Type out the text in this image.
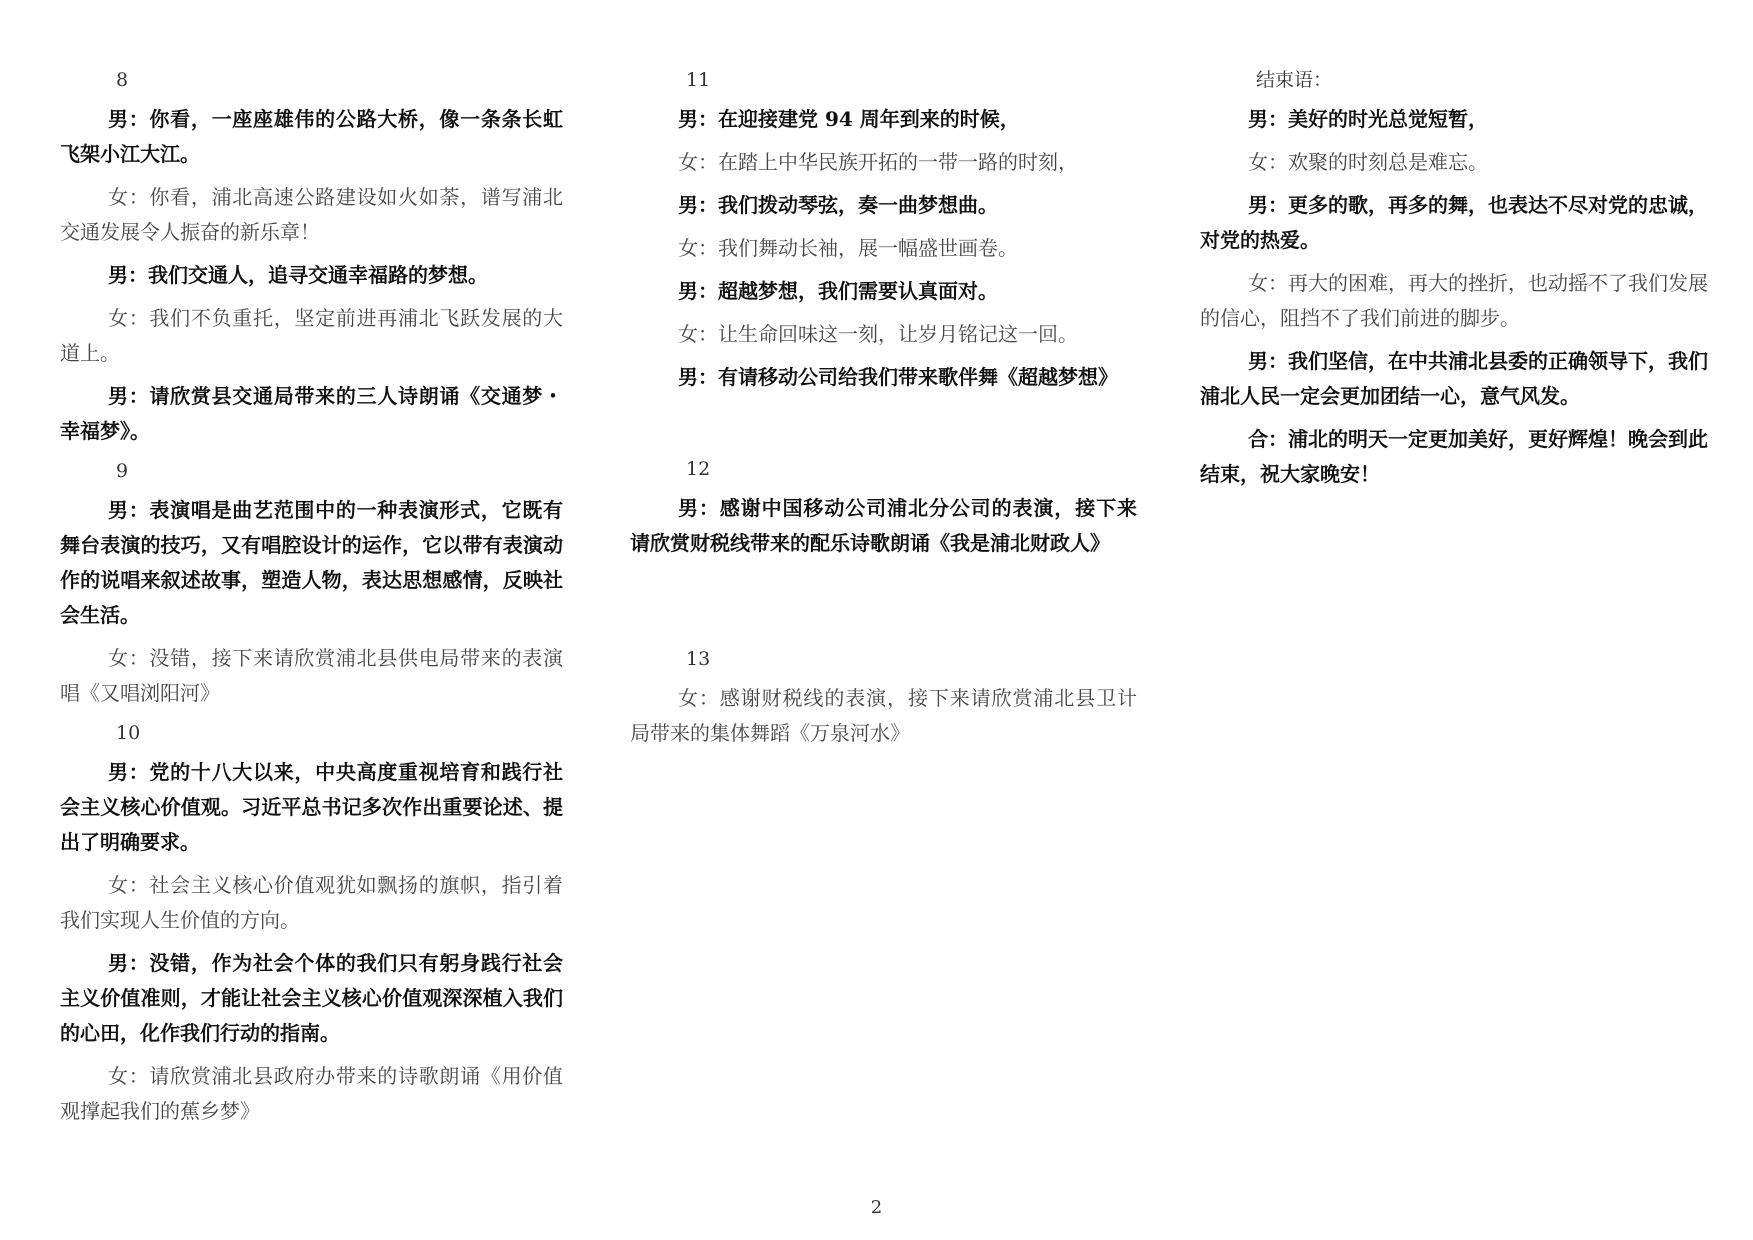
8

男：你看，一座座雄伟的公路大桥，像一条条长虹飞架小江大江。

女：你看，浦北高速公路建设如火如荼，谱写浦北交通发展令人振奋的新乐章！

男：我们交通人，追寻交通幸福路的梦想。

女：我们不负重托，坚定前进再浦北飞跃发展的大道上。

男：请欣赏县交通局带来的三人诗朗诵《交通梦・幸福梦》。

9

男：表演唱是曲艺范围中的一种表演形式，它既有舞台表演的技巧，又有唱腔设计的运作，它以带有表演动作的说唱来叙述故事，塑造人物，表达思想感情，反映社会生活。

女：没错，接下来请欣赏浦北县供电局带来的表演唱《又唱浏阳河》

10

男：党的十八大以来，中央高度重视培育和践行社会主义核心价值观。习近平总书记多次作出重要论述、提出了明确要求。

女：社会主义核心价值观犹如飘扬的旗帜，指引着我们实现人生价值的方向。

男：没错，作为社会个体的我们只有躬身践行社会主义价值准则，才能让社会主义核心价值观深深植入我们的心田，化作我们行动的指南。

女：请欣赏浦北县政府办带来的诗歌朗诵《用价值观撑起我们的蕉乡梦》

11

男：在迎接建党 94 周年到来的时候，

女：在踏上中华民族开拓的一带一路的时刻，

男：我们拨动琴弦，奏一曲梦想曲。

女：我们舞动长袖，展一幅盛世画卷。

男：超越梦想，我们需要认真面对。

女：让生命回味这一刻，让岁月铭记这一回。

男：有请移动公司给我们带来歌伴舞《超越梦想》

12

男：感谢中国移动公司浦北分公司的表演，接下来请欣赏财税线带来的配乐诗歌朗诵《我是浦北财政人》

13

女：感谢财税线的表演，接下来请欣赏浦北县卫计局带来的集体舞蹈《万泉河水》

结束语：

男：美好的时光总觉短暂，

女：欢聚的时刻总是难忘。

男：更多的歌，再多的舞，也表达不尽对党的忠诚，对党的热爱。

女：再大的困难，再大的挫折，也动摇不了我们发展的信心，阻挡不了我们前进的脚步。

男：我们坚信，在中共浦北县委的正确领导下，我们浦北人民一定会更加团结一心，意气风发。

合：浦北的明天一定更加美好，更好辉煌！晚会到此结束，祝大家晚安！

2
